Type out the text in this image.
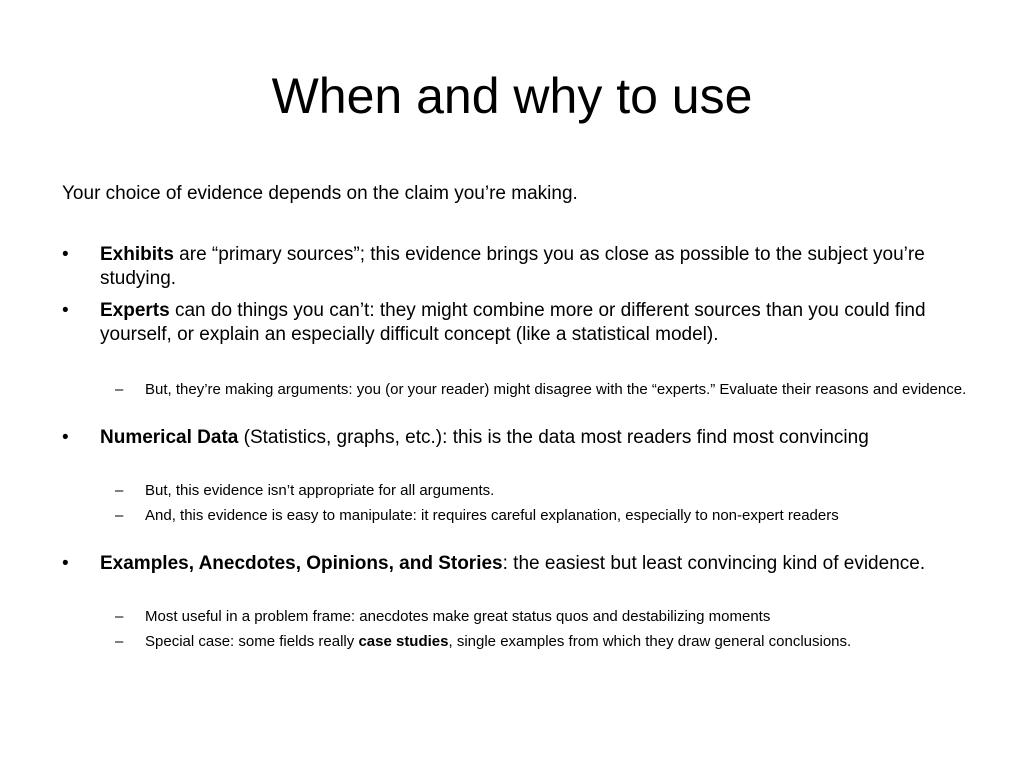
When and why to use
Your choice of evidence depends on the claim you’re making.
• Exhibits are “primary sources”; this evidence brings you as close as possible to the subject you’re studying.
• Experts can do things you can’t: they might combine more or different sources than you could find yourself, or explain an especially difficult concept (like a statistical model).
– But, they’re making arguments: you (or your reader) might disagree with the “experts.” Evaluate their reasons and evidence.
• Numerical Data (Statistics, graphs, etc.): this is the data most readers find most convincing
– But, this evidence isn’t appropriate for all arguments.
– And, this evidence is easy to manipulate: it requires careful explanation, especially to non-expert readers
• Examples, Anecdotes, Opinions, and Stories: the easiest but least convincing kind of evidence.
– Most useful in a problem frame: anecdotes make great status quos and destabilizing moments
– Special case: some fields really case studies, single examples from which they draw general conclusions.
